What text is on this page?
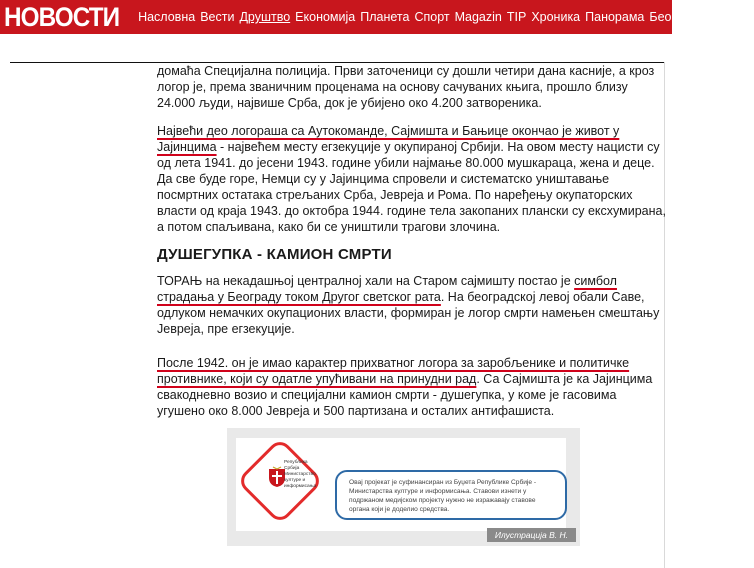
НОВОСТИ Насловна Вести Друштво Економија Планета Спорт Magazin TIP Хроника Панорама Београд Култура

домаћа Специјална полиција. Први заточеници су дошли четири дана касније, а кроз логор је, према званичним проценама на основу сачуваних књига, прошло близу 24.000 људи, највише Срба, док је убијено око 4.200 затвореника.

Највећи део логораша са Аутокоманде, Сајмишта и Бањице окончао је живот у Јајинцима - највећем месту егзекуције у окупираној Србији. На овом месту нацисти су од лета 1941. до јесени 1943. године убили најмање 80.000 мушкараца, жена и деце. Да све буде горе, Немци су у Јајинцима спровели и систематско уништавање посмртних остатака стрељаних Срба, Јевреја и Рома. По наређењу окупаторских власти од краја 1943. до октобра 1944. године тела закопаних плански су ексхумирана, а потом спаљивана, како би се уништили трагови злочина.

ДУШЕГУПКА - КАМИОН СМРТИ

ТОРАЊ на некадашњој централној хали на Старом сајмишту постао је симбол страдања у Београду током Другог светског рата. На београдској левој обали Саве, одлуком немачких окупационих власти, формиран је логор смрти намењен смештању Јевреја, пре егзекуције.

После 1942. он је имао карактер прихватног логора за заробљенике и политичке противнике, који су одатле упућивани на принудни рад. Са Сајмишта је ка Јајинцима свакодневно возио и специјални камион смрти - душегупка, у коме је гасовима угушено око 8.000 Јевреја и 500 партизана и осталих антифашиста.

Република Србија Министарство културе и информисања
Овај пројекат је суфинансиран из Буџета Републике Србије - Министарства културе и информисања. Ставови изнети у подржаном медијском пројекту нужно не изражавају ставове органа који је доделио средства.
Илустрација В. Н.
